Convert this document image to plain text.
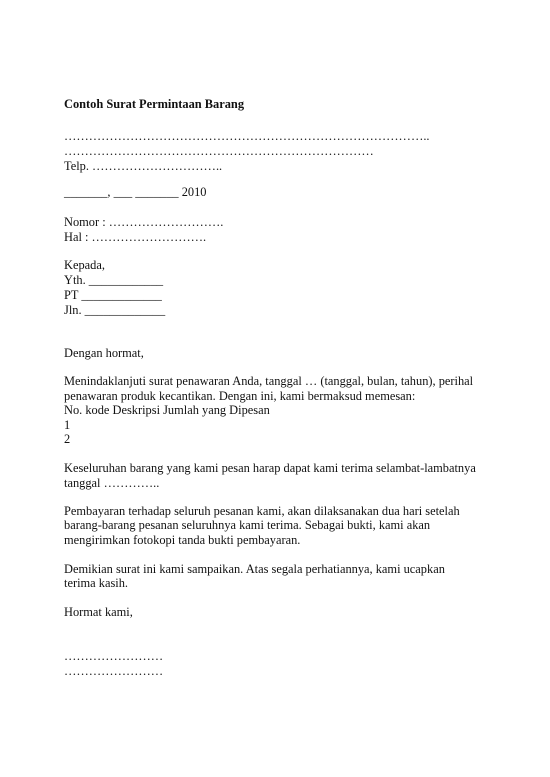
Contoh Surat Permintaan Barang
……………………………………………………………………………..
…………………………………………………………………
Telp. …………………………..
_______, ___ _______ 2010
Nomor : ……………………….
Hal : ……………………….
Kepada,
Yth. ____________
PT _____________
Jln. _____________
Dengan hormat,
Menindaklanjuti surat penawaran Anda, tanggal … (tanggal, bulan, tahun), perihal
penawaran produk kecantikan. Dengan ini, kami bermaksud memesan:
No. kode Deskripsi Jumlah yang Dipesan
1
2
Keseluruhan barang yang kami pesan harap dapat kami terima selambat-lambatnya
tanggal …………..
Pembayaran terhadap seluruh pesanan kami, akan dilaksanakan dua hari setelah
barang-barang pesanan seluruhnya kami terima. Sebagai bukti, kami akan
mengirimkan fotokopi tanda bukti pembayaran.
Demikian surat ini kami sampaikan. Atas segala perhatiannya, kami ucapkan
terima kasih.
Hormat kami,
……………………
……………………
